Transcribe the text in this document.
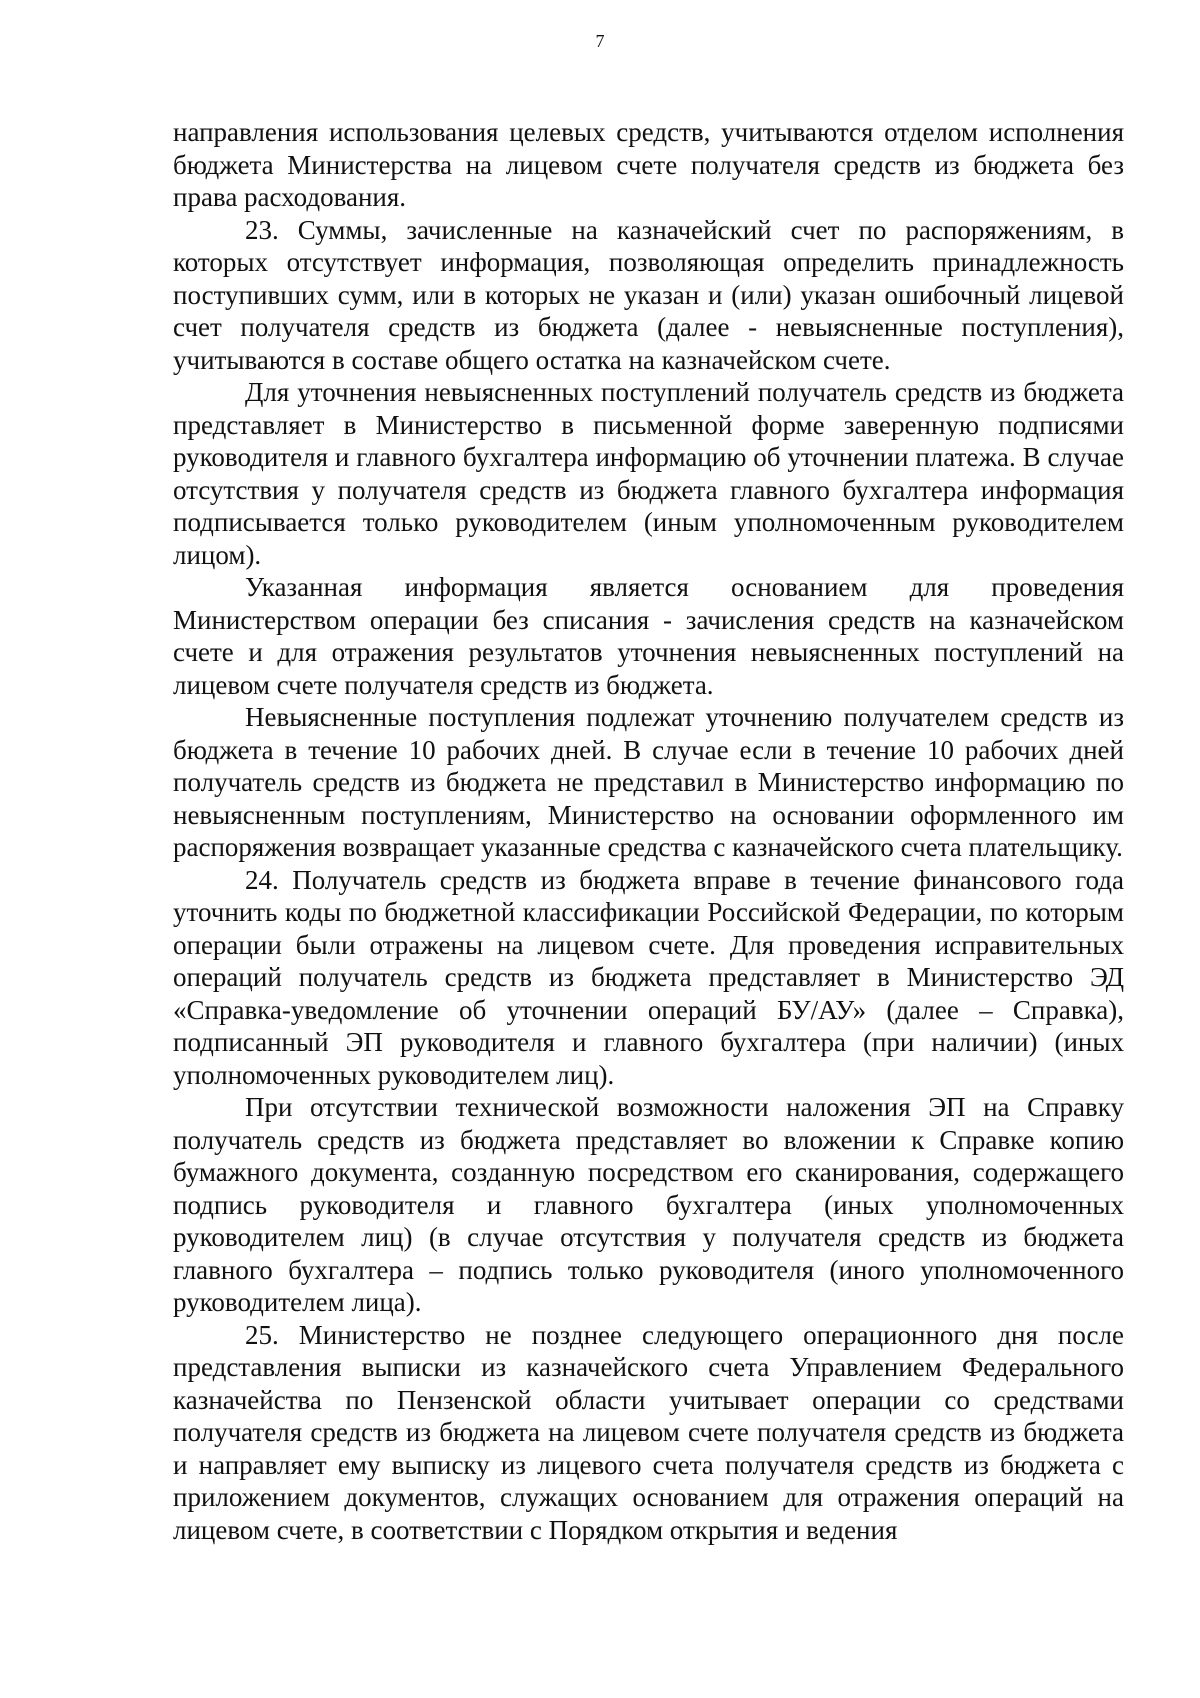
7

направления использования целевых средств, учитываются отделом исполнения бюджета Министерства на лицевом счете получателя средств из бюджета без права расходования.

23. Суммы, зачисленные на казначейский счет по распоряжениям, в которых отсутствует информация, позволяющая определить принадлежность поступивших сумм, или в которых не указан и (или) указан ошибочный лицевой счет получателя средств из бюджета (далее - невыясненные поступления), учитываются в составе общего остатка на казначейском счете.

Для уточнения невыясненных поступлений получатель средств из бюджета представляет в Министерство в письменной форме заверенную подписями руководителя и главного бухгалтера информацию об уточнении платежа. В случае отсутствия у получателя средств из бюджета главного бухгалтера информация подписывается только руководителем (иным уполномоченным руководителем лицом).

Указанная информация является основанием для проведения Министерством операции без списания - зачисления средств на казначейском счете и для отражения результатов уточнения невыясненных поступлений на лицевом счете получателя средств из бюджета.

Невыясненные поступления подлежат уточнению получателем средств из бюджета в течение 10 рабочих дней. В случае если в течение 10 рабочих дней получатель средств из бюджета не представил в Министерство информацию по невыясненным поступлениям, Министерство на основании оформленного им распоряжения возвращает указанные средства с казначейского счета плательщику.

24. Получатель средств из бюджета вправе в течение финансового года уточнить коды по бюджетной классификации Российской Федерации, по которым операции были отражены на лицевом счете. Для проведения исправительных операций получатель средств из бюджета представляет в Министерство ЭД «Справка-уведомление об уточнении операций БУ/АУ» (далее – Справка), подписанный ЭП руководителя и главного бухгалтера (при наличии) (иных уполномоченных руководителем лиц).

При отсутствии технической возможности наложения ЭП на Справку получатель средств из бюджета представляет во вложении к Справке копию бумажного документа, созданную посредством его сканирования, содержащего подпись руководителя и главного бухгалтера (иных уполномоченных руководителем лиц) (в случае отсутствия у получателя средств из бюджета главного бухгалтера – подпись только руководителя (иного уполномоченного руководителем лица).

25. Министерство не позднее следующего операционного дня после представления выписки из казначейского счета Управлением Федерального казначейства по Пензенской области учитывает операции со средствами получателя средств из бюджета на лицевом счете получателя средств из бюджета и направляет ему выписку из лицевого счета получателя средств из бюджета с приложением документов, служащих основанием для отражения операций на лицевом счете, в соответствии с Порядком открытия и ведения
